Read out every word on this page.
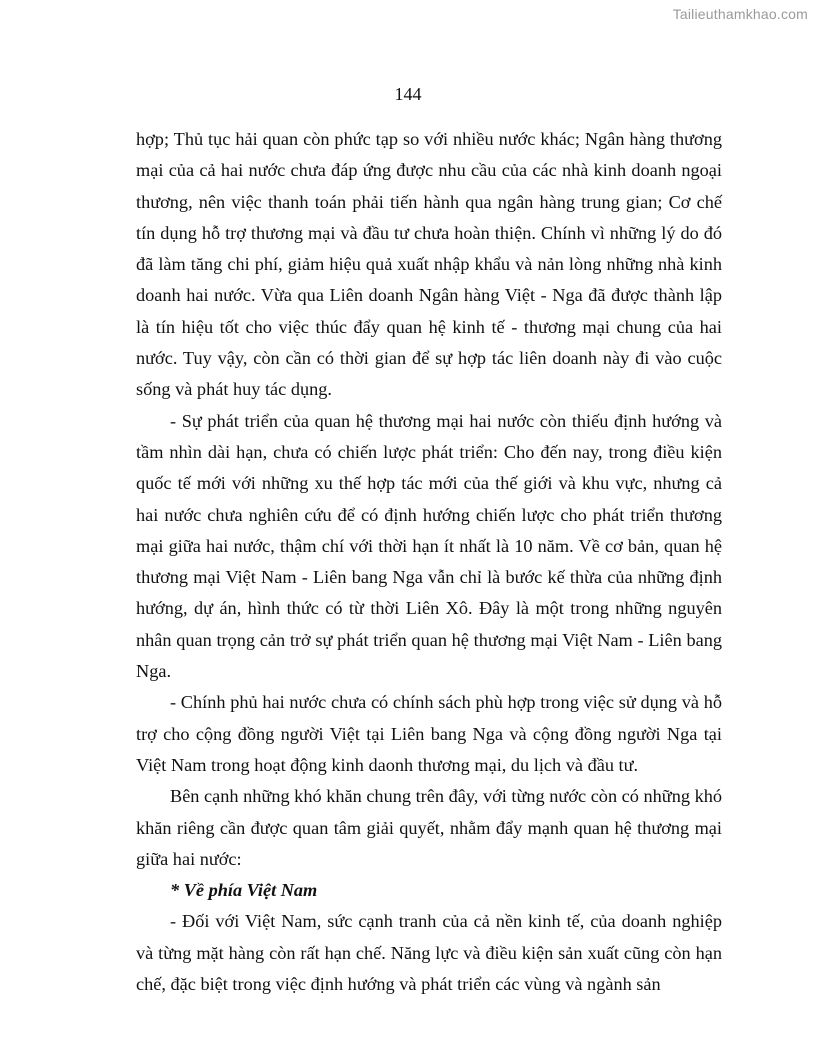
Tailieuthamkhao.com
144

hợp; Thủ tục hải quan còn phức tạp so với nhiều nước khác; Ngân hàng thương mại của cả hai nước chưa đáp ứng được nhu cầu của các nhà kinh doanh ngoại thương, nên việc thanh toán phải tiến hành qua ngân hàng trung gian; Cơ chế tín dụng hỗ trợ thương mại và đầu tư chưa hoàn thiện. Chính vì những lý do đó đã làm tăng chi phí, giảm hiệu quả xuất nhập khẩu và nản lòng những nhà kinh doanh hai nước. Vừa qua Liên doanh Ngân hàng Việt - Nga đã được thành lập là tín hiệu tốt cho việc thúc đẩy quan hệ kinh tế - thương mại chung của hai nước. Tuy vậy, còn cần có thời gian để sự hợp tác liên doanh này đi vào cuộc sống và phát huy tác dụng.

- Sự phát triển của quan hệ thương mại hai nước còn thiếu định hướng và tầm nhìn dài hạn, chưa có chiến lược phát triển: Cho đến nay, trong điều kiện quốc tế mới với những xu thế hợp tác mới của thế giới và khu vực, nhưng cả hai nước chưa nghiên cứu để có định hướng chiến lược cho phát triển thương mại giữa hai nước, thậm chí với thời hạn ít nhất là 10 năm. Về cơ bản, quan hệ thương mại Việt Nam - Liên bang Nga vẫn chỉ là bước kế thừa của những định hướng, dự án, hình thức có từ thời Liên Xô. Đây là một trong những nguyên nhân quan trọng cản trở sự phát triển quan hệ thương mại Việt Nam - Liên bang Nga.

- Chính phủ hai nước chưa có chính sách phù hợp trong việc sử dụng và hỗ trợ cho cộng đồng người Việt tại Liên bang Nga và cộng đồng người Nga tại Việt Nam trong hoạt động kinh daonh thương mại, du lịch và đầu tư.

Bên cạnh những khó khăn chung trên đây, với từng nước còn có những khó khăn riêng cần được quan tâm giải quyết, nhằm đẩy mạnh quan hệ thương mại giữa hai nước:

* Về phía Việt Nam

- Đối với Việt Nam, sức cạnh tranh của cả nền kinh tế, của doanh nghiệp và từng mặt hàng còn rất hạn chế. Năng lực và điều kiện sản xuất cũng còn hạn chế, đặc biệt trong việc định hướng và phát triển các vùng và ngành sản
